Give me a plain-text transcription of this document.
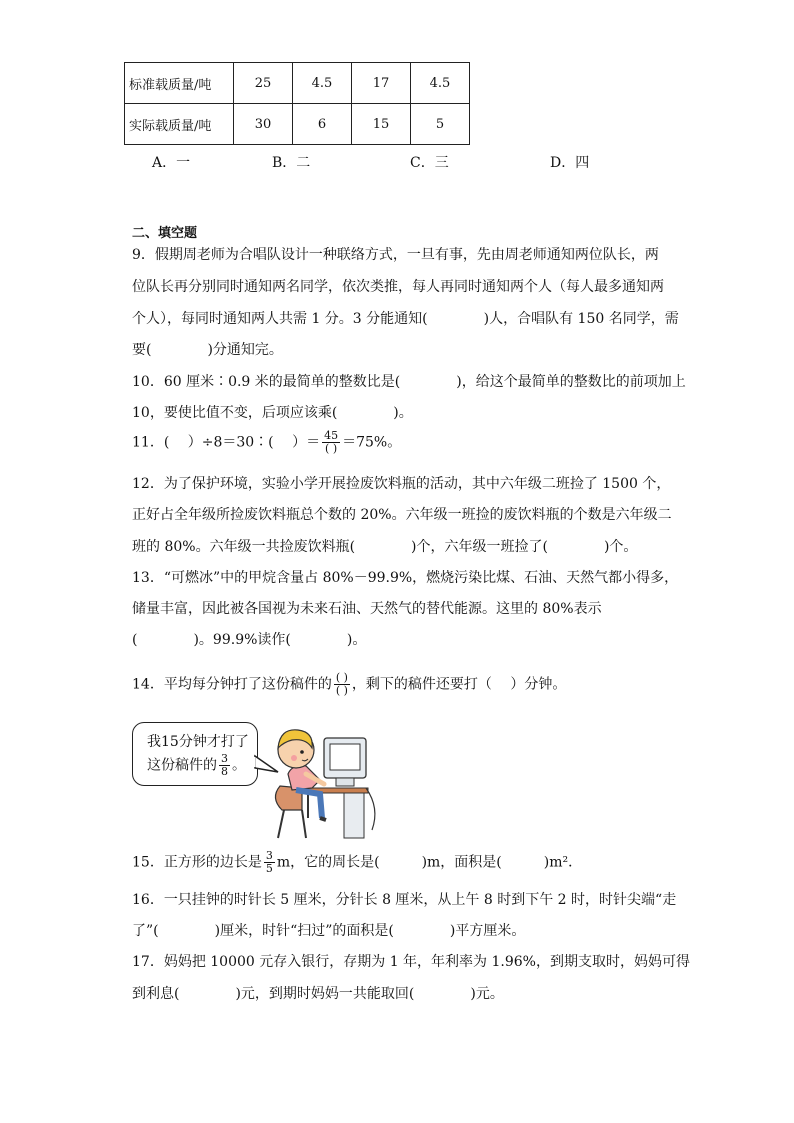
标准载质量/吨	25	4.5	17	4.5
实际载质量/吨	30	6	15	5
A．一	B．二	C．三	D．四
二、填空题
9．假期周老师为合唱队设计一种联络方式，一旦有事，先由周老师通知两位队长，两
位队长再分别同时通知两名同学，依次类推，每人再同时通知两个人（每人最多通知两
个人），每同时通知两人共需 1 分。3 分能通知(　　　　)人，合唱队有 150 名同学，需
要(　　　　)分通知完。
10．60 厘米∶0.9 米的最简单的整数比是(　　　　)，给这个最简单的整数比的前项加上
10，要使比值不变，后项应该乘(　　　　)。
11．(　 ）÷8＝30∶(　 ）＝ $\frac{45}{( )} =75\%$。
12．为了保护环境，实验小学开展捡废饮料瓶的活动，其中六年级二班捡了 1500 个，
正好占全年级所捡废饮料瓶总个数的 20%。六年级一班捡的废饮料瓶的个数是六年级二
班的 80%。六年级一共捡废饮料瓶(　　　　)个，六年级一班捡了(　　　　)个。
13．“可燃冰”中的甲烷含量占 80%－99.9%，燃烧污染比煤、石油、天然气都小得多，
储量丰富，因此被各国视为未来石油、天然气的替代能源。这里的 80%表示
(　　　　)。99.9%读作(　　　　)。
14．平均每分钟打了这份稿件的 $\frac{( )}{( )}$ ，剩下的稿件还要打（　 ）分钟。
我15分钟才打了
这份稿件的 $\frac{3}{8}$ 。
15．正方形的边长是 $\frac{3}{5}$ m，它的周长是(　　　)m，面积是(　　　)m²．
16．一只挂钟的时针长 5 厘米，分针长 8 厘米，从上午 8 时到下午 2 时，时针尖端“走
了”(　　　　)厘米，时针“扫过”的面积是(　　　　)平方厘米。
17．妈妈把 10000 元存入银行，存期为 1 年，年利率为 1.96%，到期支取时，妈妈可得
到利息(　　　　)元，到期时妈妈一共能取回(　　　　)元。
